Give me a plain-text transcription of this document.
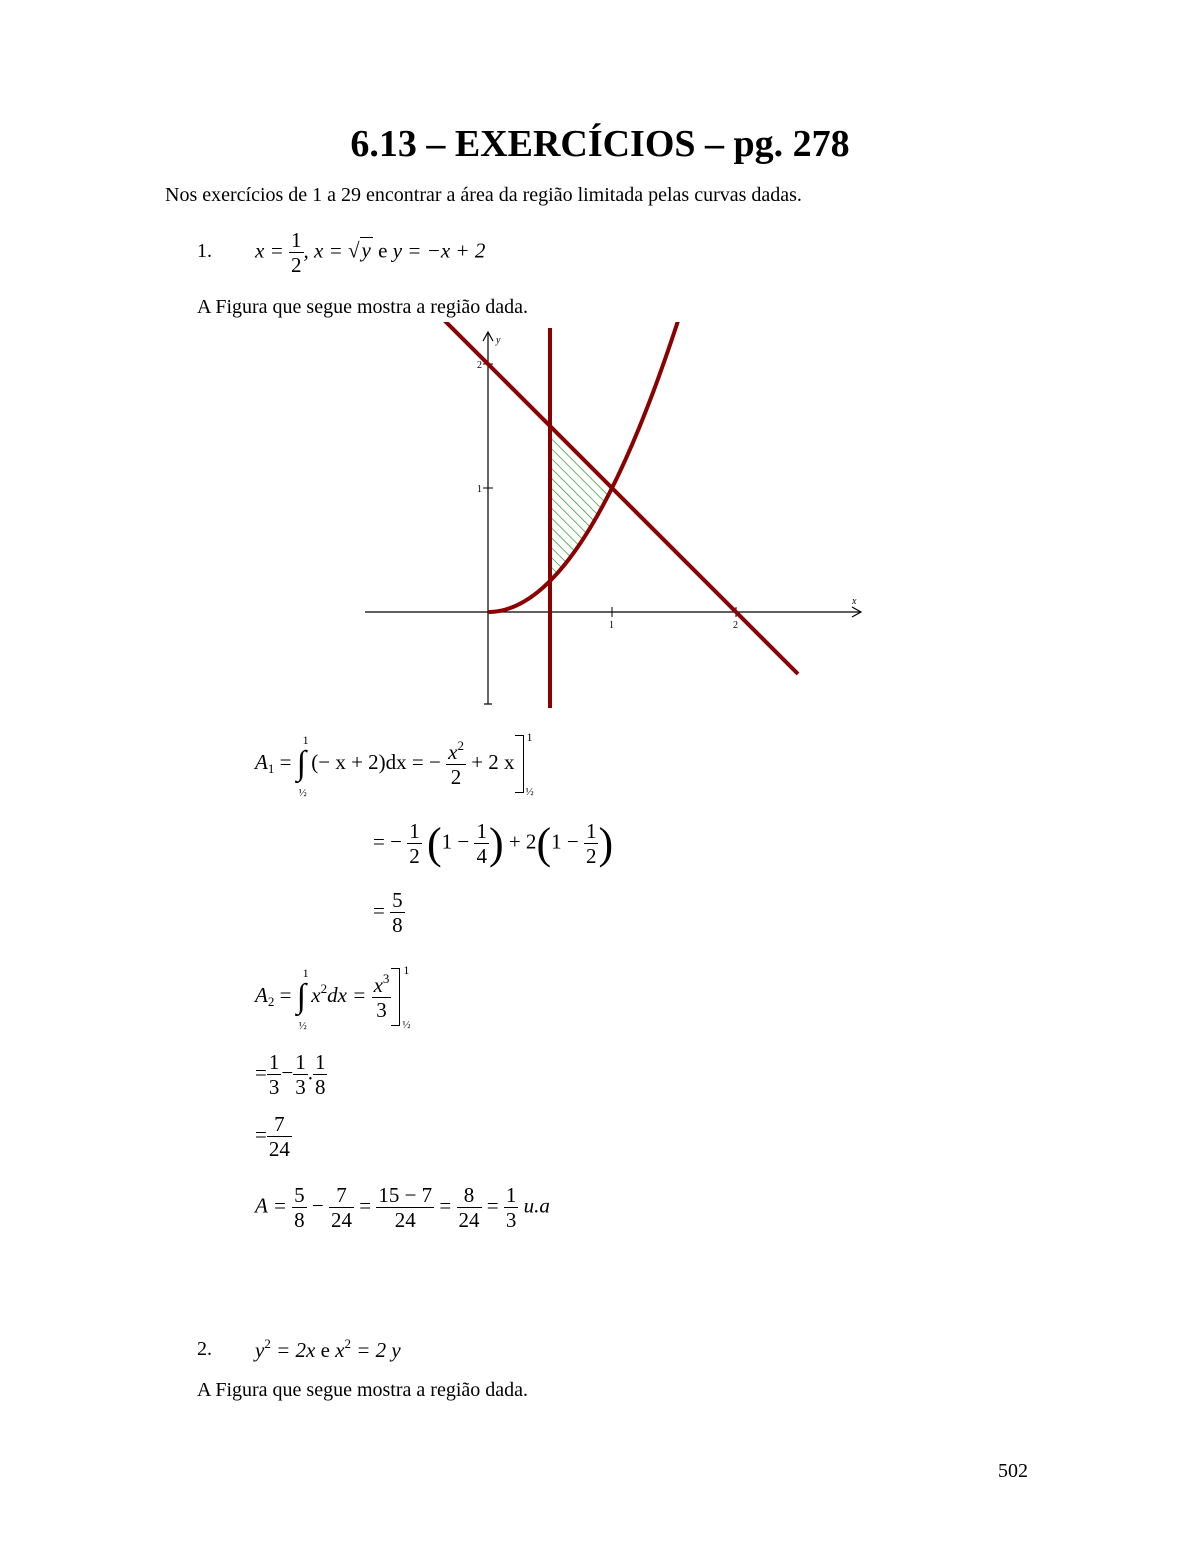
6.13 – EXERCÍCIOS – pg. 278
Nos exercícios de 1 a 29 encontrar a área da região limitada pelas curvas dadas.
1. $x = \frac{1}{2}$ , x = √y e y = −x + 2
A Figura que segue mostra a região dada.
1	2
1
2
x
y
$A_1$ = ∫
1
½
(− x + 2)dx = − $\frac{x^2}{2} + 2$ x
1
½
= − $\frac{1}{2} (1 - \frac{1}{4}$ ) + $2(1 - \frac{1}{2}$ )
= $\frac{5}{8}$
$A_2$ = ∫
1
½
$x^2dx = \frac{x^3}{3}$
1
½
= $\frac{1}{3} - \frac{1}{3}$ . $\frac{1}{8}$
= $\frac{7}{24}$
$A = \frac{5}{8} - \frac{7}{24} = \frac{15 - 7}{24} = \frac{8}{24} = \frac{1}{3} u.a$
2. $y^2 = 2x$ e $x^2 = 2$ y
A Figura que segue mostra a região dada.
502
